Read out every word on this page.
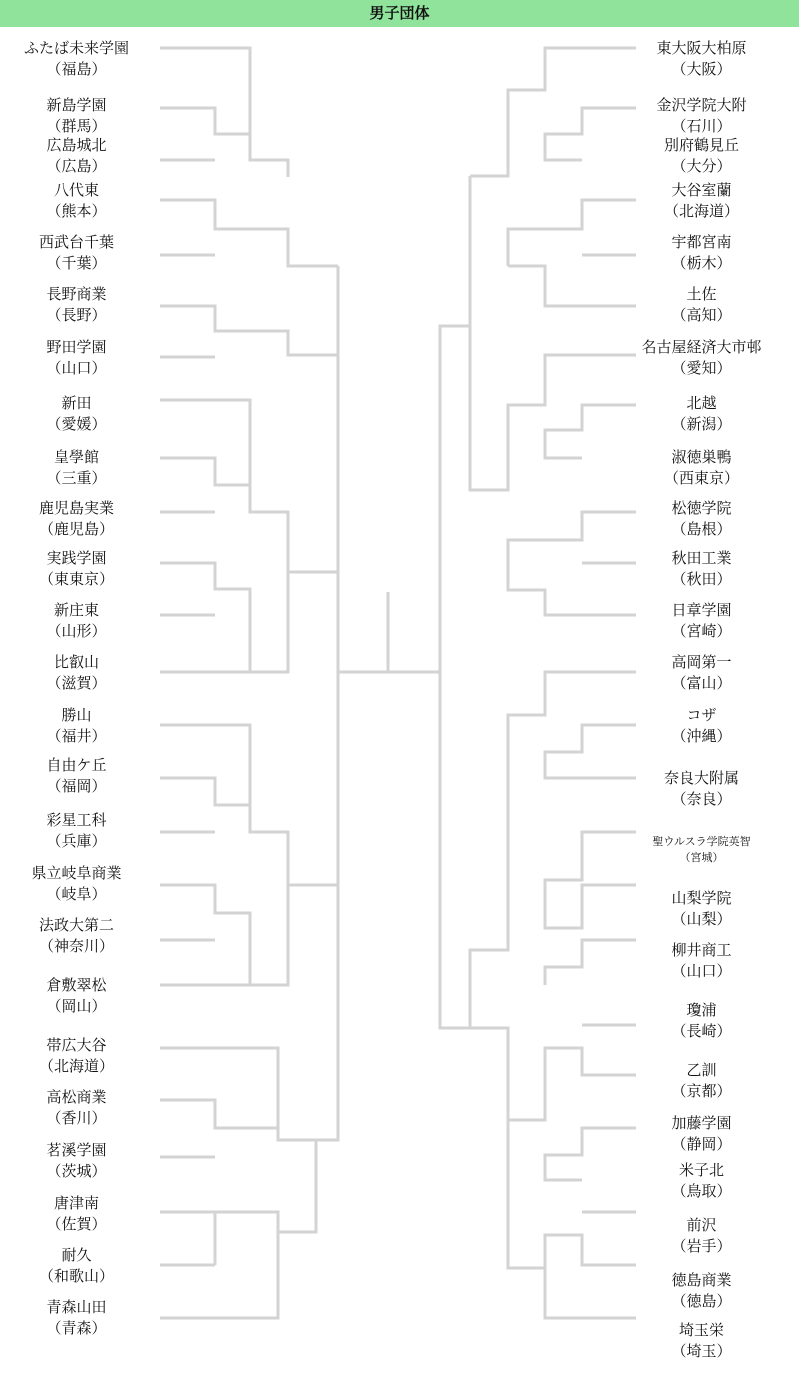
男子団体
ふたば未来学園
（福島）
新島学園
（群馬）
広島城北
（広島）
八代東
（熊本）
西武台千葉
（千葉）
長野商業
（長野）
野田学園
（山口）
新田
（愛媛）
皇學館
（三重）
鹿児島実業
（鹿児島）
実践学園
（東東京）
新庄東
（山形）
比叡山
（滋賀）
勝山
（福井）
自由ケ丘
（福岡）
彩星工科
（兵庫）
県立岐阜商業
（岐阜）
法政大第二
（神奈川）
倉敷翠松
（岡山）
帯広大谷
（北海道）
高松商業
（香川）
茗溪学園
（茨城）
唐津南
（佐賀）
耐久
（和歌山）
青森山田
（青森）
東大阪大柏原
（大阪）
金沢学院大附
（石川）
別府鶴見丘
（大分）
大谷室蘭
（北海道）
宇都宮南
（栃木）
土佐
（高知）
名古屋経済大市邨
（愛知）
北越
（新潟）
淑徳巣鴨
（西東京）
松徳学院
（島根）
秋田工業
（秋田）
日章学園
（宮崎）
高岡第一
（富山）
コザ
（沖縄）
奈良大附属
（奈良）
聖ウルスラ学院英智
（宮城）
山梨学院
（山梨）
柳井商工
（山口）
瓊浦
（長崎）
乙訓
（京都）
加藤学園
（静岡）
米子北
（鳥取）
前沢
（岩手）
徳島商業
（徳島）
埼玉栄
（埼玉）
